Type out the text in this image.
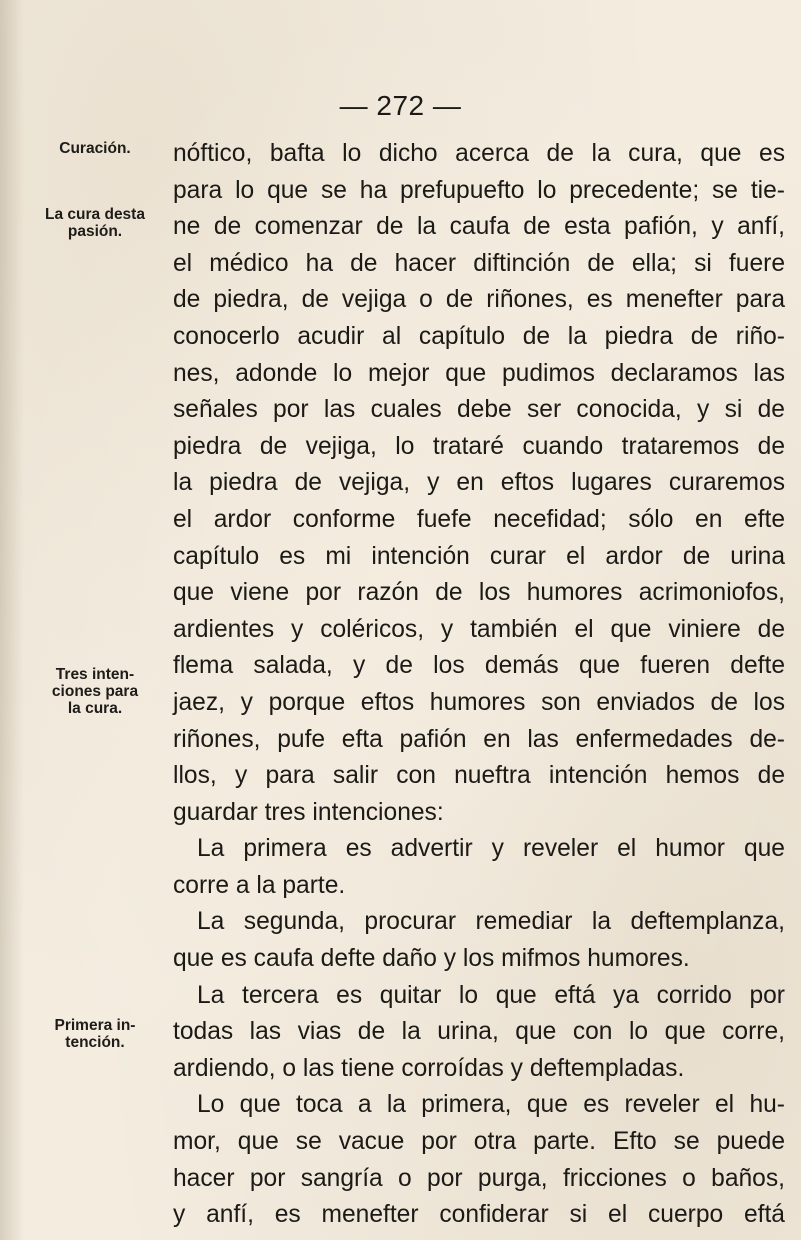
— 272 —
Curación.
La cura desta
pasión.
Tres inten-
ciones para
la cura.
Primera in-
tención.
nóftico, bafta lo dicho acerca de la cura, que es
para lo que se ha prefupuefto lo precedente; se tie-
ne de comenzar de la caufa de esta pafión, y anfí,
el médico ha de hacer diftinción de ella; si fuere
de piedra, de vejiga o de riñones, es menefter para
conocerlo acudir al capítulo de la piedra de riño-
nes, adonde lo mejor que pudimos declaramos las
señales por las cuales debe ser conocida, y si de
piedra de vejiga, lo trataré cuando trataremos de
la piedra de vejiga, y en eftos lugares curaremos
el ardor conforme fuefe necefidad; sólo en efte
capítulo es mi intención curar el ardor de urina
que viene por razón de los humores acrimoniofos,
ardientes y coléricos, y también el que viniere de
flema salada, y de los demás que fueren defte
jaez, y porque eftos humores son enviados de los
riñones, pufe efta pafión en las enfermedades de-
llos, y para salir con nueftra intención hemos de
guardar tres intenciones:
La primera es advertir y reveler el humor que
corre a la parte.
La segunda, procurar remediar la deftemplanza,
que es caufa defte daño y los mifmos humores.
La tercera es quitar lo que eftá ya corrido por
todas las vias de la urina, que con lo que corre,
ardiendo, o las tiene corroídas y deftempladas.
Lo que toca a la primera, que es reveler el hu-
mor, que se vacue por otra parte. Efto se puede
hacer por sangría o por purga, fricciones o baños,
y anfí, es menefter confiderar si el cuerpo eftá
